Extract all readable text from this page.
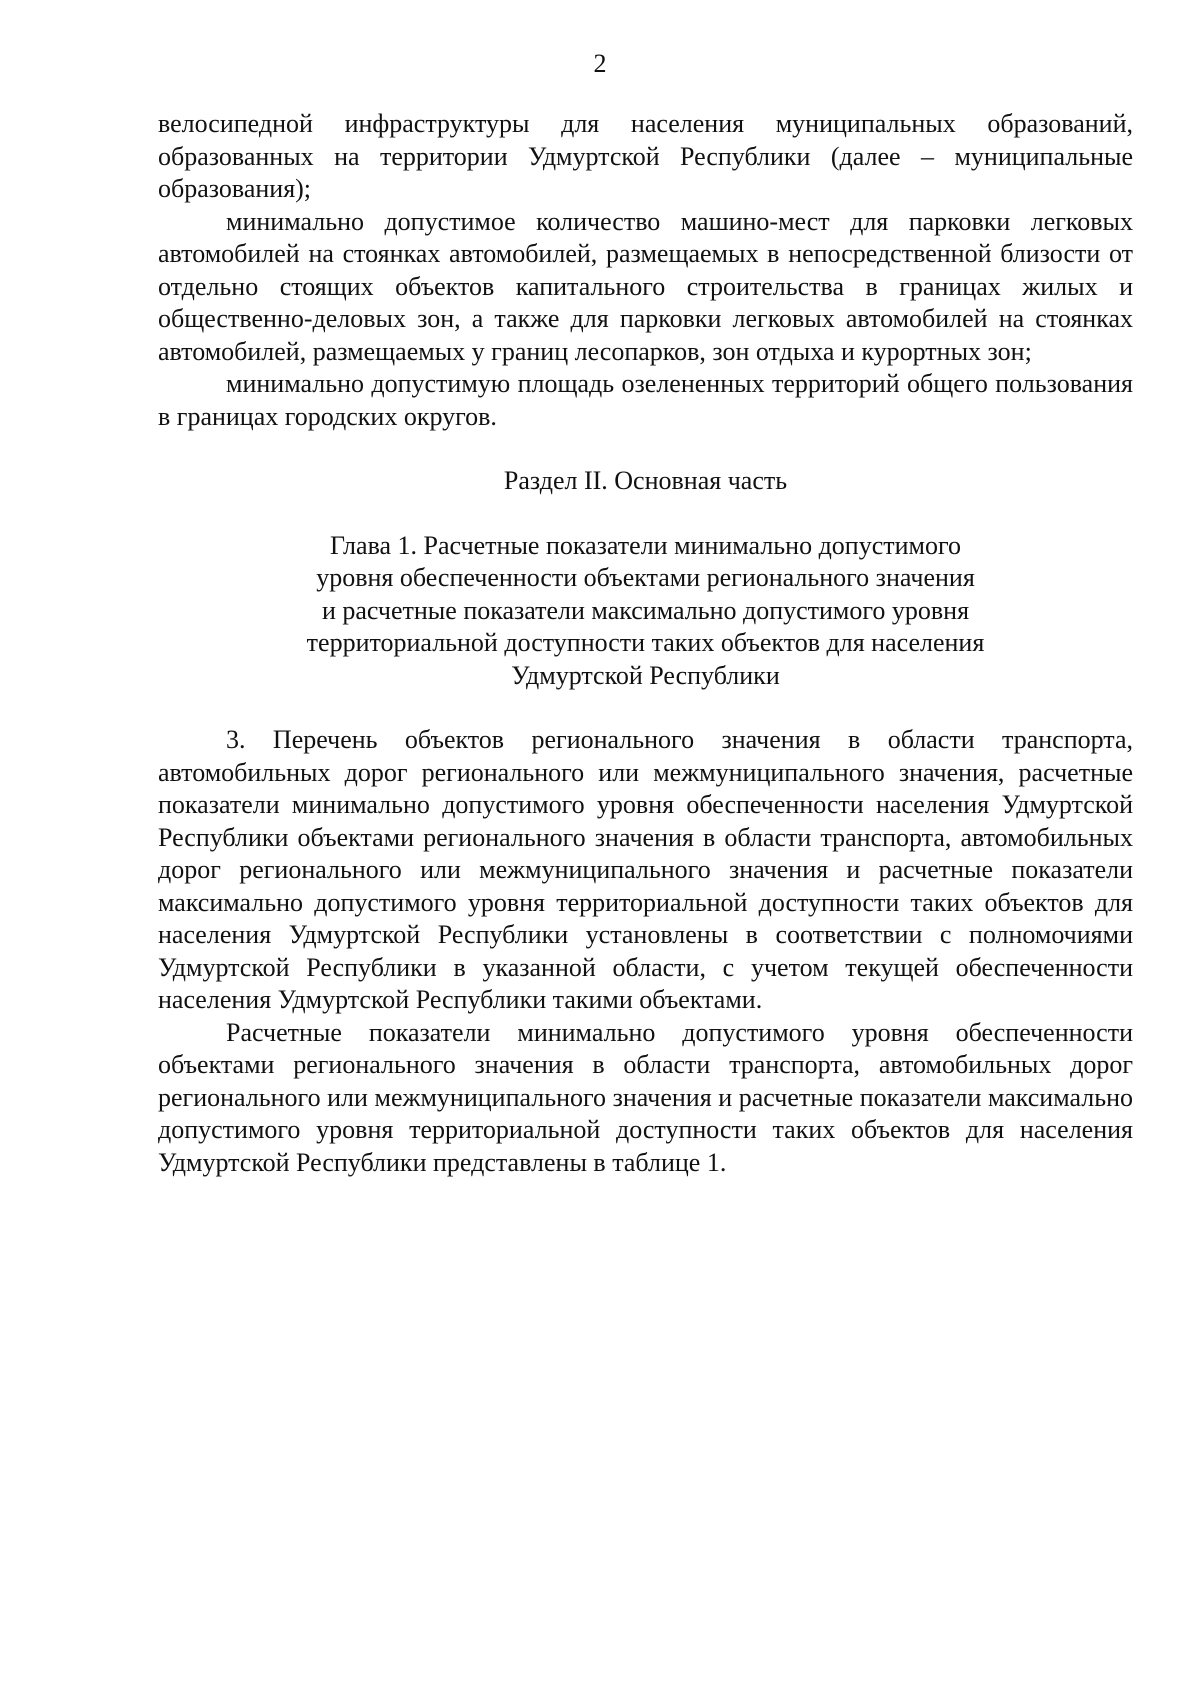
2

велосипедной инфраструктуры для населения муниципальных образований, образованных на территории Удмуртской Республики (далее – муниципальные образования);

минимально допустимое количество машино-мест для парковки легковых автомобилей на стоянках автомобилей, размещаемых в непосредственной близости от отдельно стоящих объектов капитального строительства в границах жилых и общественно-деловых зон, а также для парковки легковых автомобилей на стоянках автомобилей, размещаемых у границ лесопарков, зон отдыха и курортных зон;

минимально допустимую площадь озелененных территорий общего пользования в границах городских округов.

Раздел II. Основная часть
Глава 1. Расчетные показатели минимально допустимого
уровня обеспеченности объектами регионального значения
и расчетные показатели максимально допустимого уровня
территориальной доступности таких объектов для населения
Удмуртской Республики

3. Перечень объектов регионального значения в области транспорта, автомобильных дорог регионального или межмуниципального значения, расчетные показатели минимально допустимого уровня обеспеченности населения Удмуртской Республики объектами регионального значения в области транспорта, автомобильных дорог регионального или межмуниципального значения и расчетные показатели максимально допустимого уровня территориальной доступности таких объектов для населения Удмуртской Республики установлены в соответствии с полномочиями Удмуртской Республики в указанной области, с учетом текущей обеспеченности населения Удмуртской Республики такими объектами.

Расчетные показатели минимально допустимого уровня обеспеченности объектами регионального значения в области транспорта, автомобильных дорог регионального или межмуниципального значения и расчетные показатели максимально допустимого уровня территориальной доступности таких объектов для населения Удмуртской Республики представлены в таблице 1.
